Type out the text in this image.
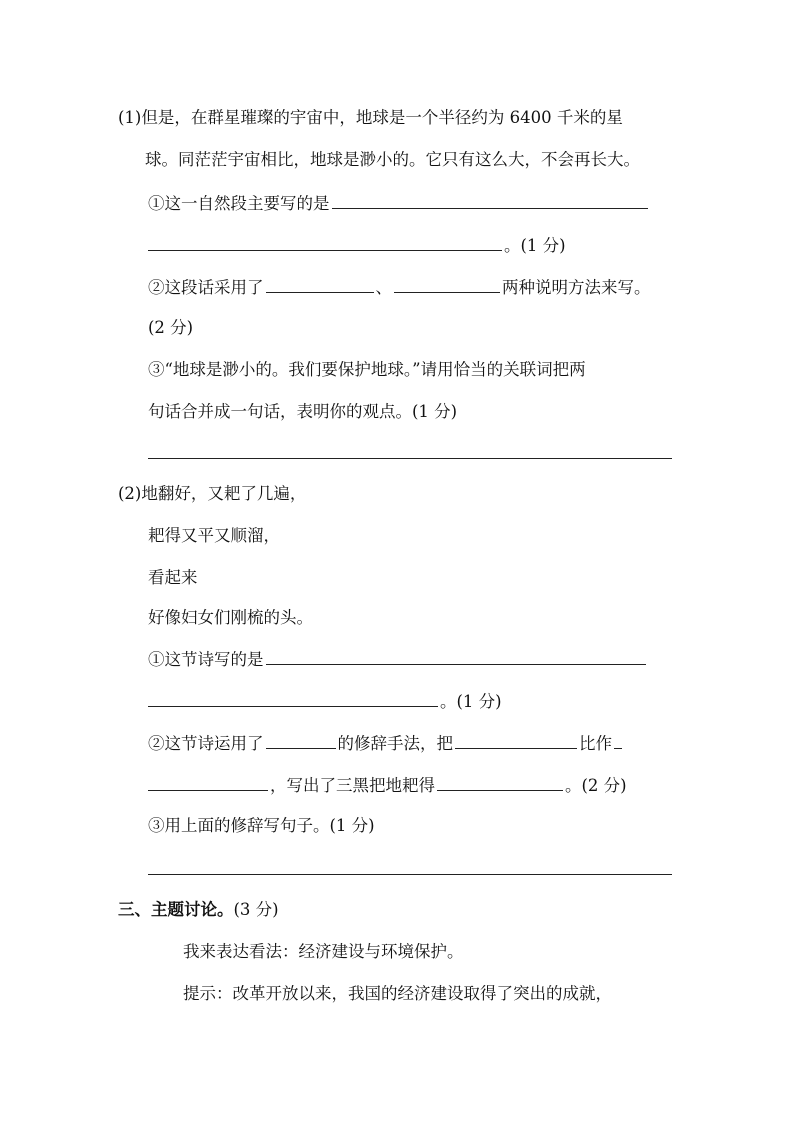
(1)但是，在群星璀璨的宇宙中，地球是一个半径约为 6400 千米的星
球。同茫茫宇宙相比，地球是渺小的。它只有这么大，不会再长大。
①这一自然段主要写的是
。(1 分)
②这段话采用了	、	两种说明方法来写。
(2 分)
③“地球是渺小的。我们要保护地球。”请用恰当的关联词把两
句话合并成一句话，表明你的观点。(1 分)
(2)地翻好，又耙了几遍，
耙得又平又顺溜，
看起来
好像妇女们刚梳的头。
①这节诗写的是
。(1 分)
②这节诗运用了	的修辞手法，把	比作
，写出了三黑把地耙得	。(2 分)
③用上面的修辞写句子。(1 分)
三、主题讨论。(3 分)
我来表达看法：经济建设与环境保护。
提示：改革开放以来，我国的经济建设取得了突出的成就，
